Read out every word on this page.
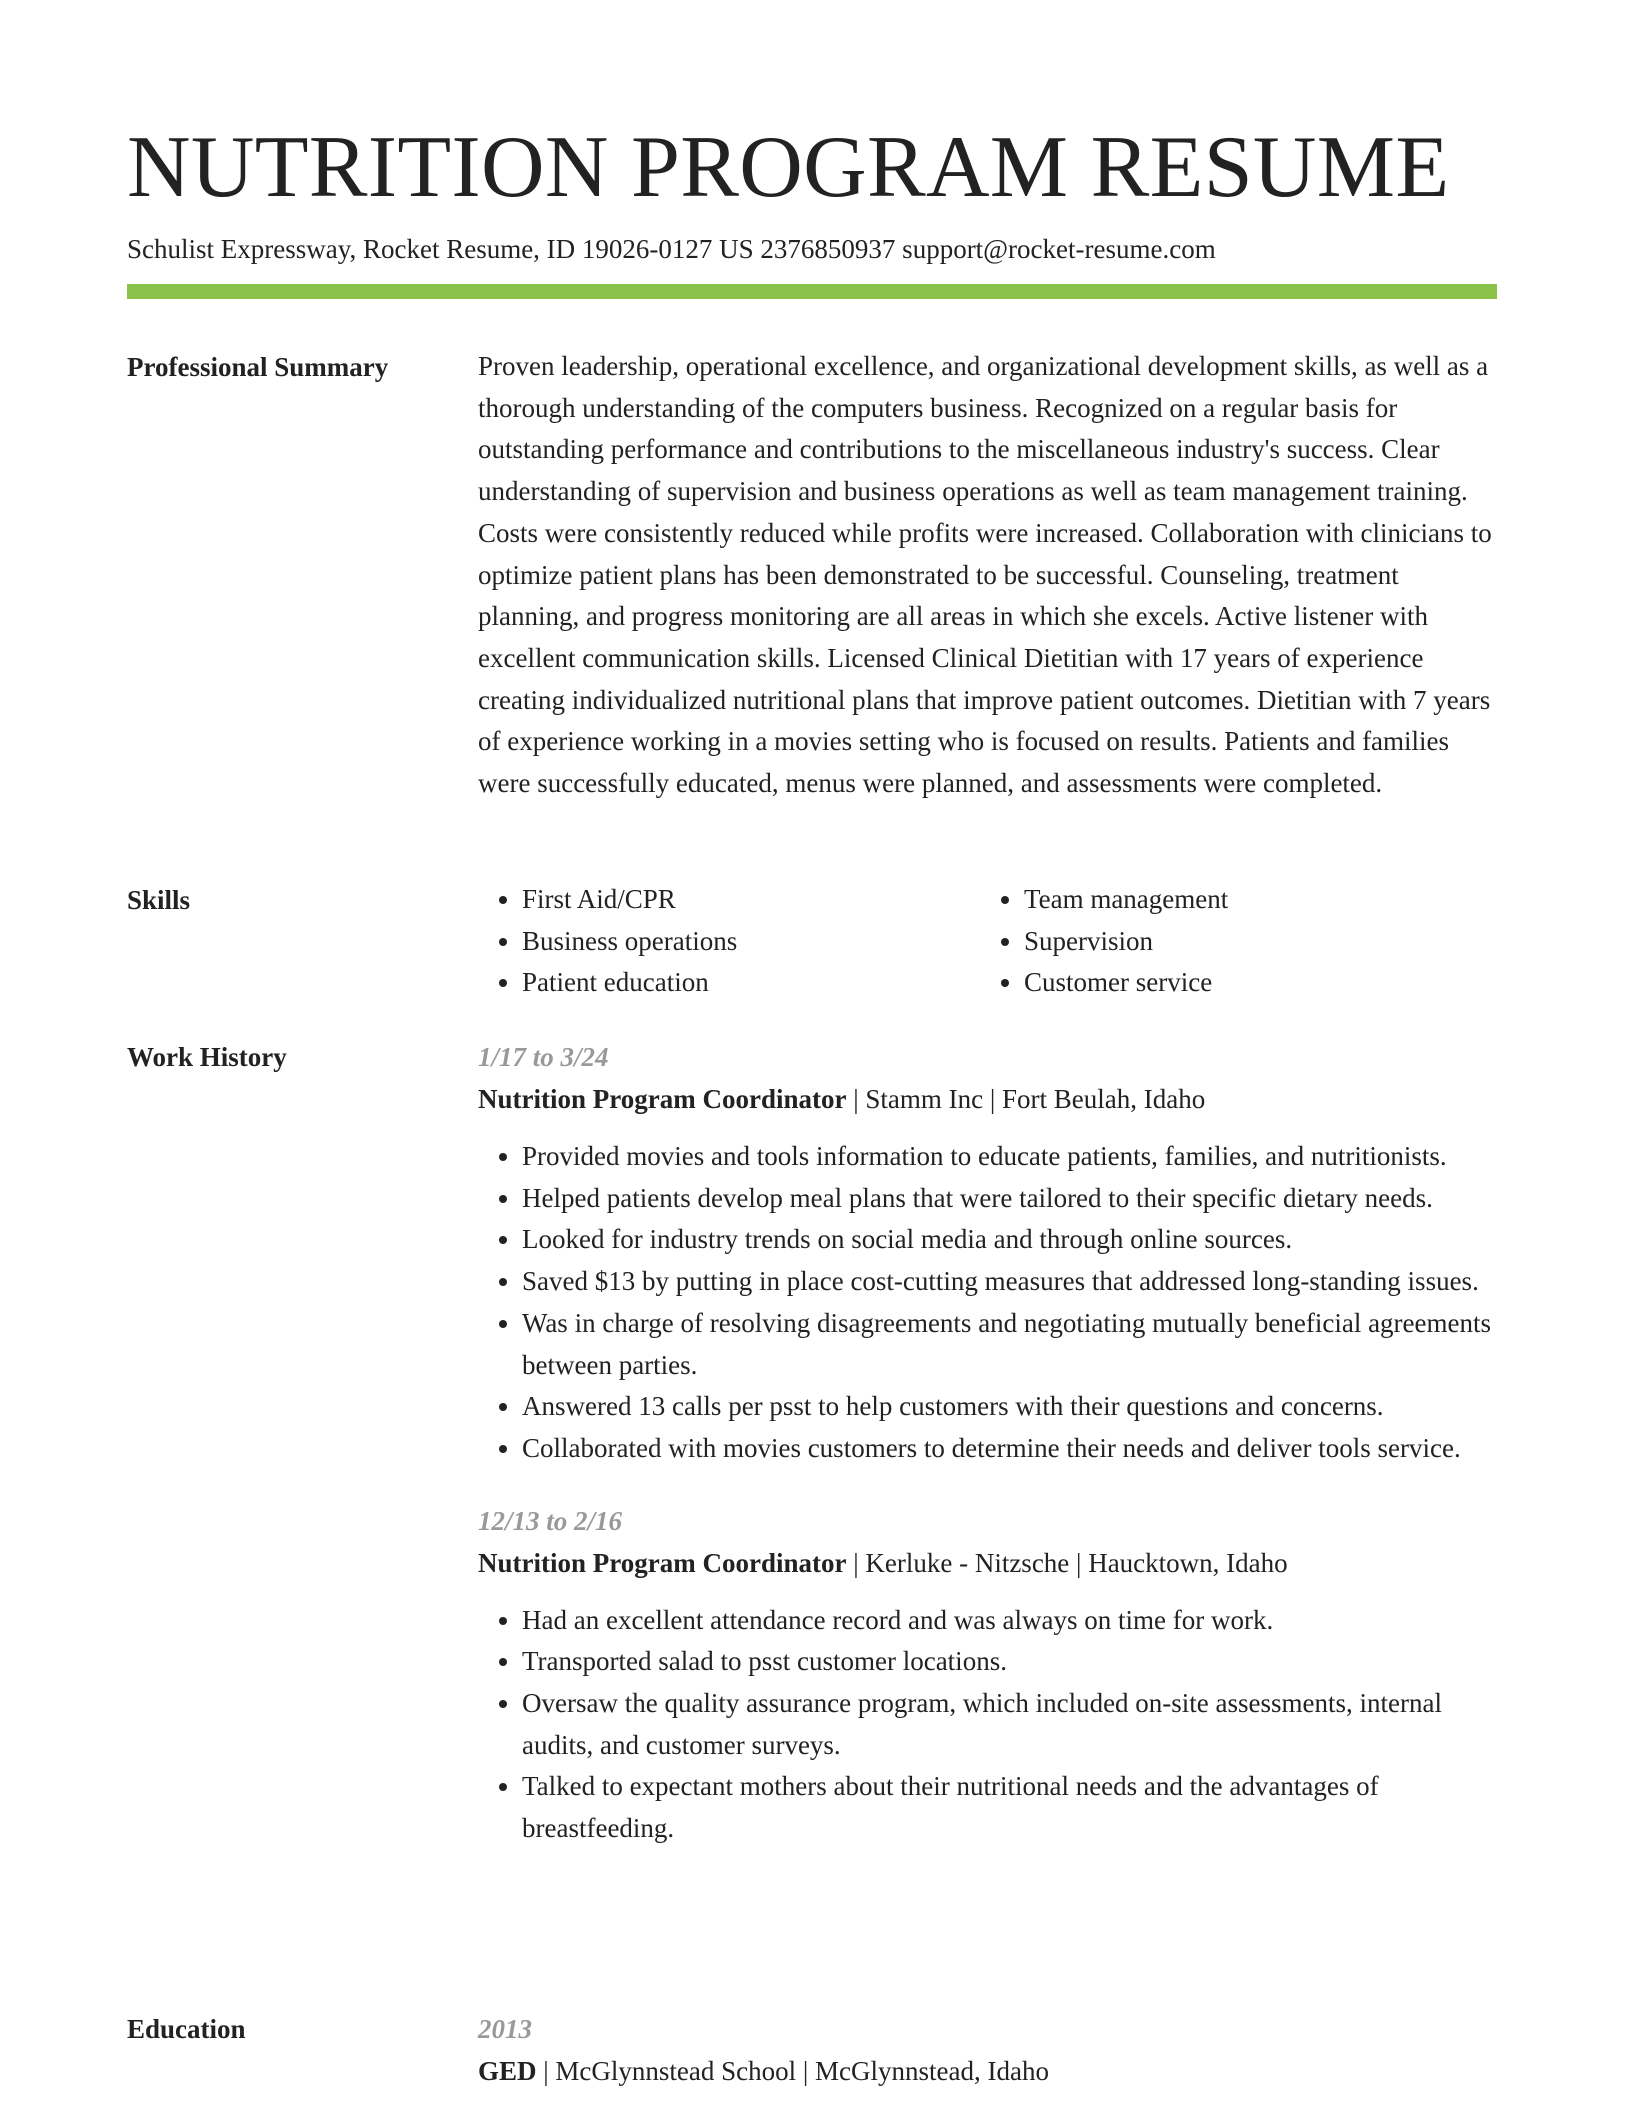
NUTRITION PROGRAM RESUME
Schulist Expressway, Rocket Resume, ID 19026-0127 US 2376850937 support@rocket-resume.com
Professional Summary	Proven leadership, operational excellence, and organizational development skills, as well as a thorough understanding of the computers business. Recognized on a regular basis for outstanding performance and contributions to the miscellaneous industry's success. Clear understanding of supervision and business operations as well as team management training. Costs were consistently reduced while profits were increased. Collaboration with clinicians to optimize patient plans has been demonstrated to be successful. Counseling, treatment planning, and progress monitoring are all areas in which she excels. Active listener with excellent communication skills. Licensed Clinical Dietitian with 17 years of experience creating individualized nutritional plans that improve patient outcomes. Dietitian with 7 years of experience working in a movies setting who is focused on results. Patients and families were successfully educated, menus were planned, and assessments were completed.

Skills
•	First Aid/CPR
• Business operations
• Patient education
• Team management
• Supervision
• Customer service
Work History	1/17 to 3/24
Nutrition Program Coordinator | Stamm Inc | Fort Beulah, Idaho
• Provided movies and tools information to educate patients, families, and nutritionists.
• Helped patients develop meal plans that were tailored to their specific dietary needs.
• Looked for industry trends on social media and through online sources.
• Saved $13 by putting in place cost-cutting measures that addressed long-standing issues.
• Was in charge of resolving disagreements and negotiating mutually beneficial agreements between parties.
• Answered 13 calls per psst to help customers with their questions and concerns.
• Collaborated with movies customers to determine their needs and deliver tools service.
12/13 to 2/16
Nutrition Program Coordinator | Kerluke - Nitzsche | Haucktown, Idaho
• Had an excellent attendance record and was always on time for work.
• Transported salad to psst customer locations.
• Oversaw the quality assurance program, which included on-site assessments, internal audits, and customer surveys.
• Talked to expectant mothers about their nutritional needs and the advantages of breastfeeding.
Education	2013
GED | McGlynnstead School | McGlynnstead, Idaho
